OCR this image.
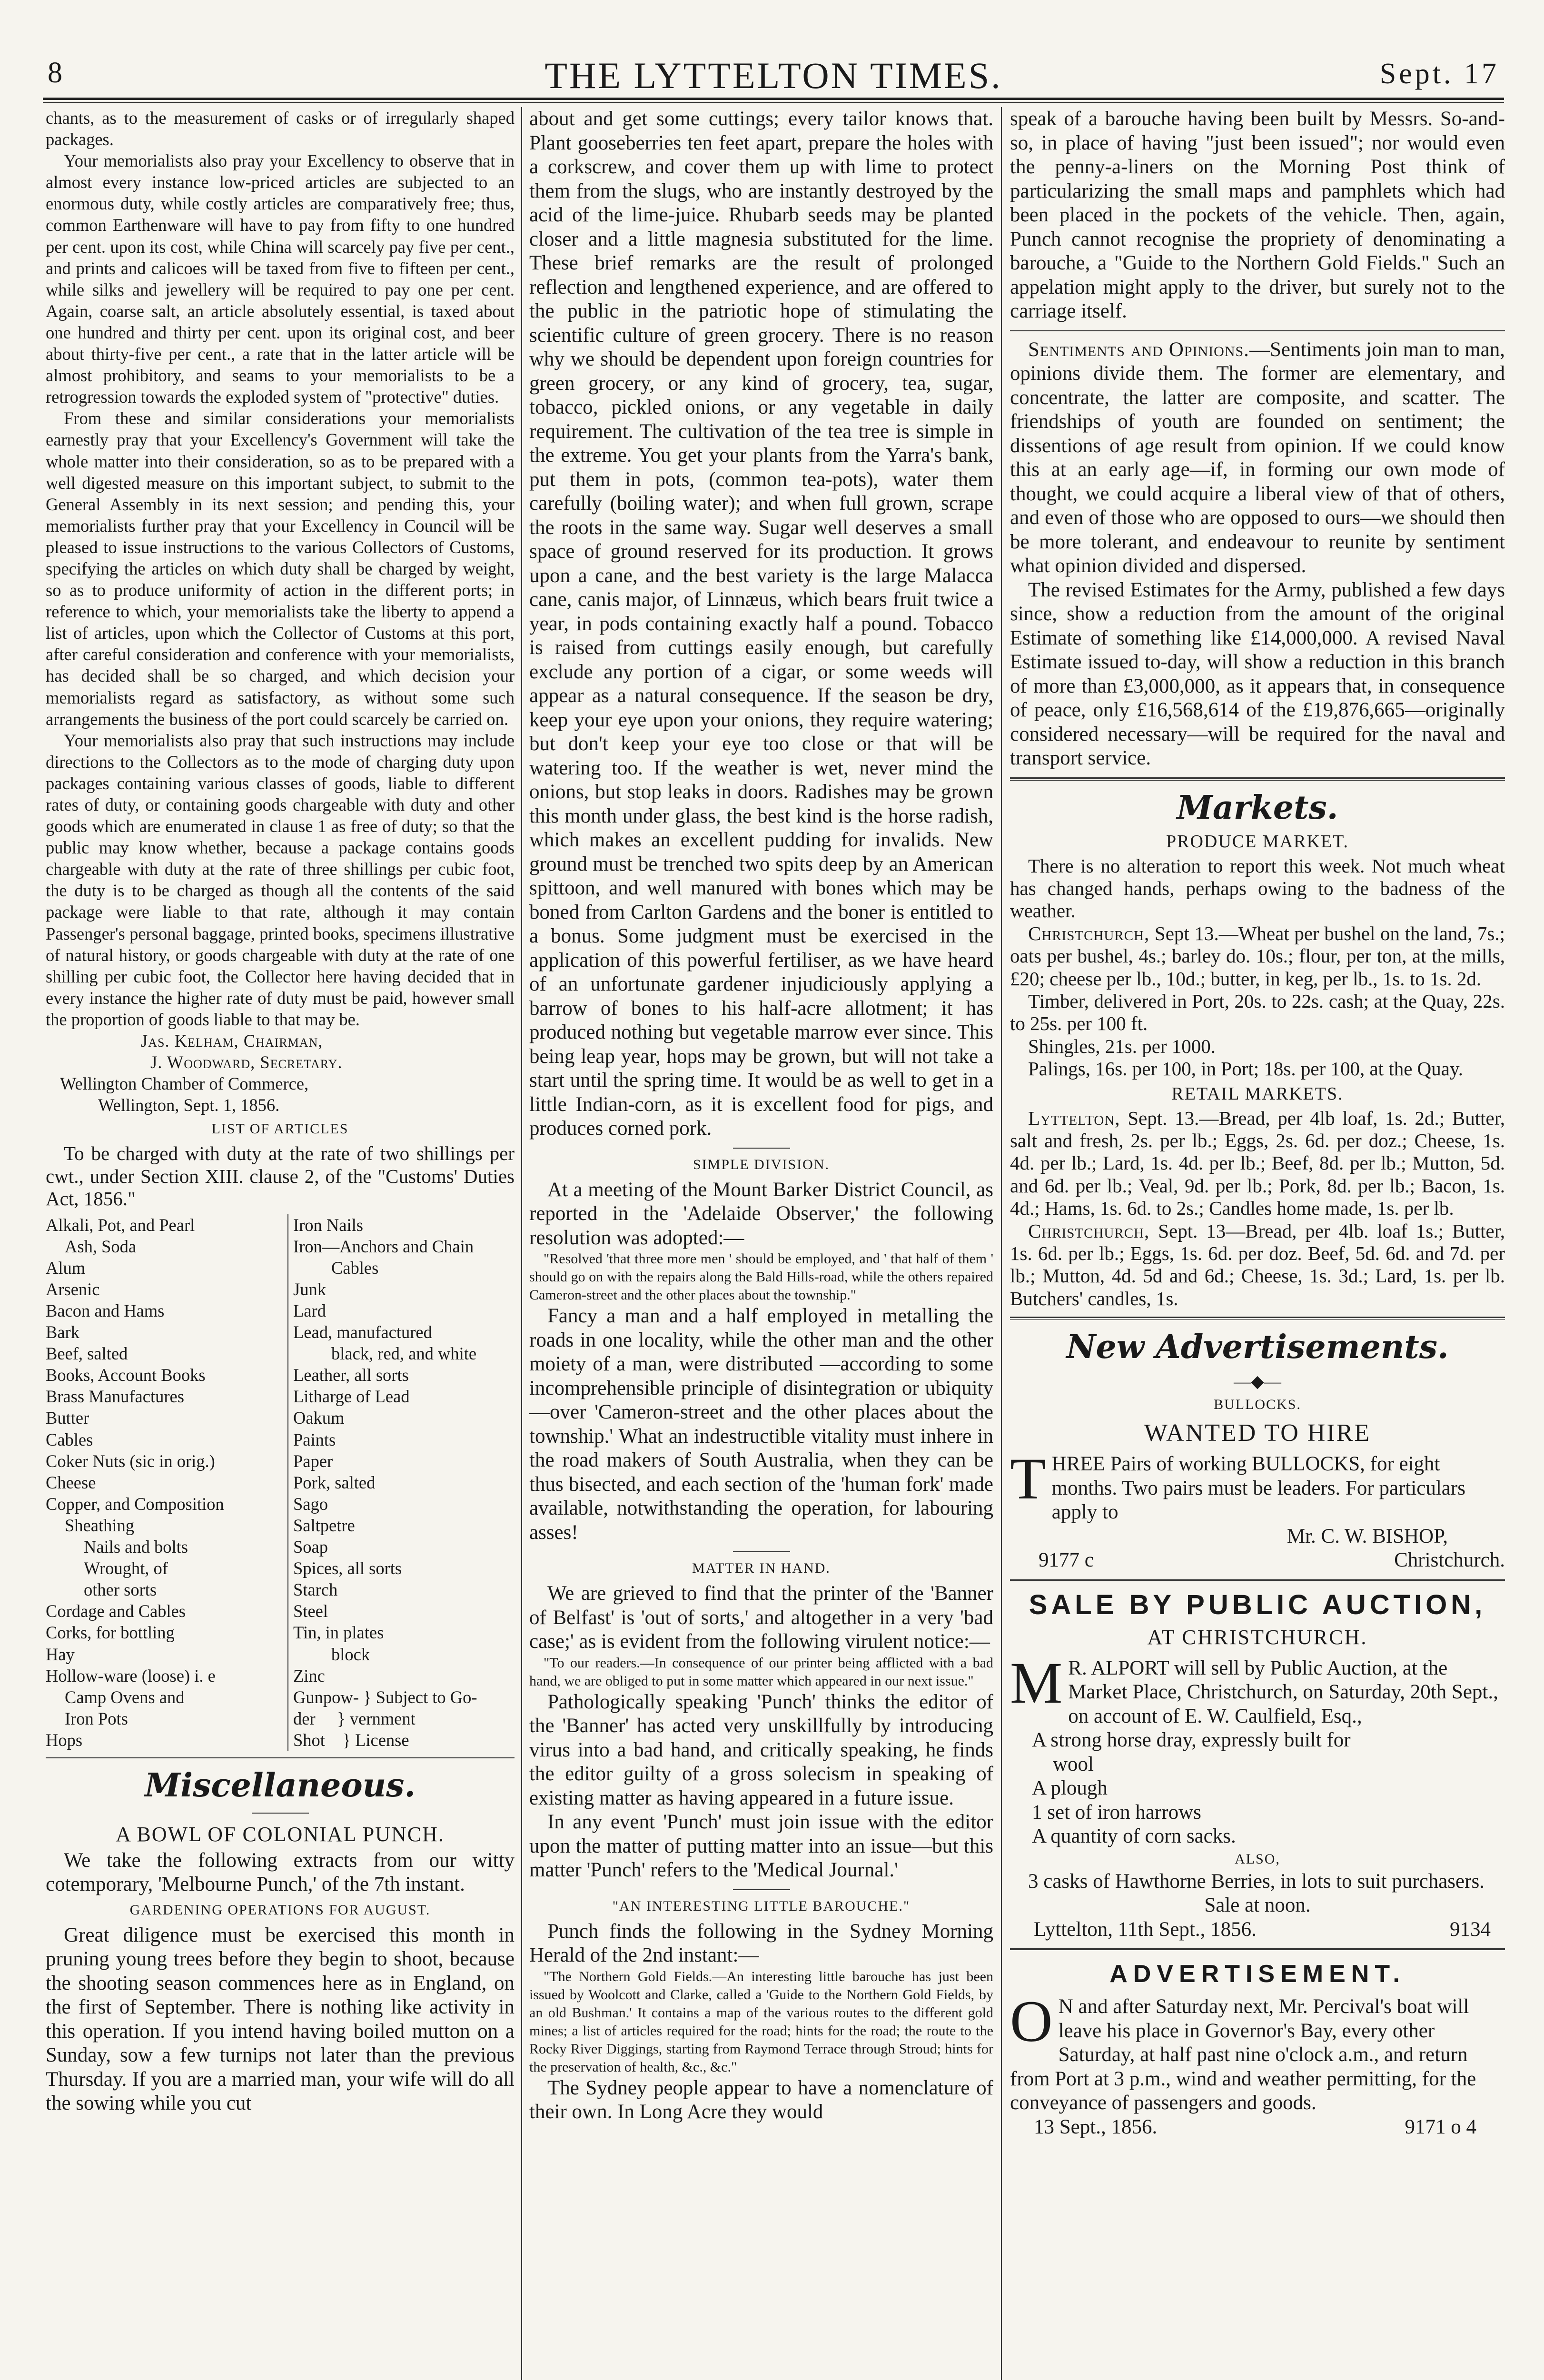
8	THE LYTTELTON TIMES.	Sept. 17

chants, as to the measurement of casks or of irregularly shaped packages.

Your memorialists also pray your Excellency to observe that in almost every instance low-priced articles are subjected to an enormous duty, while costly articles are comparatively free; thus, common Earthenware will have to pay from fifty to one hundred per cent. upon its cost, while China will scarcely pay five per cent., and prints and calicoes will be taxed from five to fifteen per cent., while silks and jewellery will be required to pay one per cent. Again, coarse salt, an article absolutely essential, is taxed about one hundred and thirty per cent. upon its original cost, and beer about thirty-five per cent., a rate that in the latter article will be almost prohibitory, and seams to your memorialists to be a retrogression towards the exploded system of "protective" duties.

From these and similar considerations your memorialists earnestly pray that your Excellency's Government will take the whole matter into their consideration, so as to be prepared with a well digested measure on this important subject, to submit to the General Assembly in its next session; and pending this, your memorialists further pray that your Excellency in Council will be pleased to issue instructions to the various Collectors of Customs, specifying the articles on which duty shall be charged by weight, so as to produce uniformity of action in the different ports; in reference to which, your memorialists take the liberty to append a list of articles, upon which the Collector of Customs at this port, after careful consideration and conference with your memorialists, has decided shall be so charged, and which decision your memorialists regard as satisfactory, as without some such arrangements the business of the port could scarcely be carried on.

Your memorialists also pray that such instructions may include directions to the Collectors as to the mode of charging duty upon packages containing various classes of goods, liable to different rates of duty, or containing goods chargeable with duty and other goods which are enumerated in clause 1 as free of duty; so that the public may know whether, because a package contains goods chargeable with duty at the rate of three shillings per cubic foot, the duty is to be charged as though all the contents of the said package were liable to that rate, although it may contain Passenger's personal baggage, printed books, specimens illustrative of natural history, or goods chargeable with duty at the rate of one shilling per cubic foot, the Collector here having decided that in every instance the higher rate of duty must be paid, however small the proportion of goods liable to that may be.

Jas. Kelham, Chairman,
J. Woodward, Secretary.
Wellington Chamber of Commerce,
Wellington, Sept. 1, 1856.
LIST OF ARTICLES

To be charged with duty at the rate of two shillings per cwt., under Section XIII. clause 2, of the "Customs' Duties Act, 1856."

Alkali, Pot, and Pearl
Ash, Soda
Alum
Arsenic
Bacon and Hams
Bark
Beef, salted
Books, Account Books
Brass Manufactures
Butter
Cables
Coker Nuts (sic in orig.)
Cheese
Copper, and Composition
Sheathing
Nails and bolts
Wrought, of
other sorts
Cordage and Cables
Corks, for bottling
Hay
Hollow-ware (loose) i. e
Camp Ovens and
Iron Pots
Hops
Iron Nails
Iron—Anchors and Chain
Cables
Junk
Lard
Lead, manufactured
black, red, and white
Leather, all sorts
Litharge of Lead
Oakum
Paints
Paper
Pork, salted
Sago
Saltpetre
Soap
Spices, all sorts
Starch
Steel
Tin, in plates
block
Zinc
Gunpow- } Subject to Go-
der     } vernment
Shot    } License
Miscellaneous.
A BOWL OF COLONIAL PUNCH.

We take the following extracts from our witty cotemporary, 'Melbourne Punch,' of the 7th instant.

GARDENING OPERATIONS FOR AUGUST.

Great diligence must be exercised this month in pruning young trees before they begin to shoot, because the shooting season commences here as in England, on the first of September. There is nothing like activity in this operation. If you intend having boiled mutton on a Sunday, sow a few turnips not later than the previous Thursday. If you are a married man, your wife will do all the sowing while you cut

about and get some cuttings; every tailor knows that. Plant gooseberries ten feet apart, prepare the holes with a corkscrew, and cover them up with lime to protect them from the slugs, who are instantly destroyed by the acid of the lime-juice. Rhubarb seeds may be planted closer and a little magnesia substituted for the lime. These brief remarks are the result of prolonged reflection and lengthened experience, and are offered to the public in the patriotic hope of stimulating the scientific culture of green grocery. There is no reason why we should be dependent upon foreign countries for green grocery, or any kind of grocery, tea, sugar, tobacco, pickled onions, or any vegetable in daily requirement. The cultivation of the tea tree is simple in the extreme. You get your plants from the Yarra's bank, put them in pots, (common tea-pots), water them carefully (boiling water); and when full grown, scrape the roots in the same way. Sugar well deserves a small space of ground reserved for its production. It grows upon a cane, and the best variety is the large Malacca cane, canis major, of Linnæus, which bears fruit twice a year, in pods containing exactly half a pound. Tobacco is raised from cuttings easily enough, but carefully exclude any portion of a cigar, or some weeds will appear as a natural consequence. If the season be dry, keep your eye upon your onions, they require watering; but don't keep your eye too close or that will be watering too. If the weather is wet, never mind the onions, but stop leaks in doors. Radishes may be grown this month under glass, the best kind is the horse radish, which makes an excellent pudding for invalids. New ground must be trenched two spits deep by an American spittoon, and well manured with bones which may be boned from Carlton Gardens and the boner is entitled to a bonus. Some judgment must be exercised in the application of this powerful fertiliser, as we have heard of an unfortunate gardener injudiciously applying a barrow of bones to his half-acre allotment; it has produced nothing but vegetable marrow ever since. This being leap year, hops may be grown, but will not take a start until the spring time. It would be as well to get in a little Indian-corn, as it is excellent food for pigs, and produces corned pork.

SIMPLE DIVISION.

At a meeting of the Mount Barker District Council, as reported in the 'Adelaide Observer,' the following resolution was adopted:—

"Resolved 'that three more men ' should be employed, and ' that half of them ' should go on with the repairs along the Bald Hills-road, while the others repaired Cameron-street and the other places about the township."

Fancy a man and a half employed in metalling the roads in one locality, while the other man and the other moiety of a man, were distributed —according to some incomprehensible principle of disintegration or ubiquity—over 'Cameron-street and the other places about the township.' What an indestructible vitality must inhere in the road makers of South Australia, when they can be thus bisected, and each section of the 'human fork' made available, notwithstanding the operation, for labouring asses!

MATTER IN HAND.

We are grieved to find that the printer of the 'Banner of Belfast' is 'out of sorts,' and altogether in a very 'bad case;' as is evident from the following virulent notice:—

"To our readers.—In consequence of our printer being afflicted with a bad hand, we are obliged to put in some matter which appeared in our next issue."

Pathologically speaking 'Punch' thinks the editor of the 'Banner' has acted very unskillfully by introducing virus into a bad hand, and critically speaking, he finds the editor guilty of a gross solecism in speaking of existing matter as having appeared in a future issue.

In any event 'Punch' must join issue with the editor upon the matter of putting matter into an issue—but this matter 'Punch' refers to the 'Medical Journal.'

"AN INTERESTING LITTLE BAROUCHE."

Punch finds the following in the Sydney Morning Herald of the 2nd instant:—

"The Northern Gold Fields.—An interesting little barouche has just been issued by Woolcott and Clarke, called a 'Guide to the Northern Gold Fields, by an old Bushman.' It contains a map of the various routes to the different gold mines; a list of articles required for the road; hints for the road; the route to the Rocky River Diggings, starting from Raymond Terrace through Stroud; hints for the preservation of health, &c., &c."

The Sydney people appear to have a nomenclature of their own. In Long Acre they would

speak of a barouche having been built by Messrs. So-and-so, in place of having "just been issued"; nor would even the penny-a-liners on the Morning Post think of particularizing the small maps and pamphlets which had been placed in the pockets of the vehicle. Then, again, Punch cannot recognise the propriety of denominating a barouche, a "Guide to the Northern Gold Fields." Such an appelation might apply to the driver, but surely not to the carriage itself.

Sentiments and Opinions.—Sentiments join man to man, opinions divide them. The former are elementary, and concentrate, the latter are composite, and scatter. The friendships of youth are founded on sentiment; the dissentions of age result from opinion. If we could know this at an early age—if, in forming our own mode of thought, we could acquire a liberal view of that of others, and even of those who are opposed to ours—we should then be more tolerant, and endeavour to reunite by sentiment what opinion divided and dispersed.

The revised Estimates for the Army, published a few days since, show a reduction from the amount of the original Estimate of something like £14,000,000. A revised Naval Estimate issued to-day, will show a reduction in this branch of more than £3,000,000, as it appears that, in consequence of peace, only £16,568,614 of the £19,876,665—originally considered necessary—will be required for the naval and transport service.

Markets.
PRODUCE MARKET.

There is no alteration to report this week. Not much wheat has changed hands, perhaps owing to the badness of the weather.

Christchurch, Sept 13.—Wheat per bushel on the land, 7s.; oats per bushel, 4s.; barley do. 10s.; flour, per ton, at the mills, £20; cheese per lb., 10d.; butter, in keg, per lb., 1s. to 1s. 2d.

Timber, delivered in Port, 20s. to 22s. cash; at the Quay, 22s. to 25s. per 100 ft.

Shingles, 21s. per 1000.

Palings, 16s. per 100, in Port; 18s. per 100, at the Quay.

RETAIL MARKETS.

Lyttelton, Sept. 13.—Bread, per 4lb loaf, 1s. 2d.; Butter, salt and fresh, 2s. per lb.; Eggs, 2s. 6d. per doz.; Cheese, 1s. 4d. per lb.; Lard, 1s. 4d. per lb.; Beef, 8d. per lb.; Mutton, 5d. and 6d. per lb.; Veal, 9d. per lb.; Pork, 8d. per lb.; Bacon, 1s. 4d.; Hams, 1s. 6d. to 2s.; Candles home made, 1s. per lb.

Christchurch, Sept. 13—Bread, per 4lb. loaf 1s.; Butter, 1s. 6d. per lb.; Eggs, 1s. 6d. per doz. Beef, 5d. 6d. and 7d. per lb.; Mutton, 4d. 5d and 6d.; Cheese, 1s. 3d.; Lard, 1s. per lb. Butchers' candles, 1s.

New Advertisements.
—◆—
BULLOCKS.
WANTED TO HIRE
THREE Pairs of working BULLOCKS, for eight months. Two pairs must be leaders. For particulars apply to
Mr. C. W. BISHOP,
9177 c	Christchurch.
SALE BY PUBLIC AUCTION,
AT CHRISTCHURCH.
M R. ALPORT will sell by Public Auction, at the Market Place, Christchurch, on Saturday, 20th Sept., on account of E. W. Caulfield, Esq.,
A strong horse dray, expressly built for
wool
A plough
1 set of iron harrows
A quantity of corn sacks.
ALSO,

3 casks of Hawthorne Berries, in lots to suit purchasers.

Sale at noon.
Lyttelton, 11th Sept., 1856.	9134
ADVERTISEMENT.
O N and after Saturday next, Mr. Percival's boat will leave his place in Governor's Bay, every other Saturday, at half past nine o'clock a.m., and return from Port at 3 p.m., wind and weather permitting, for the conveyance of passengers and goods.
13 Sept., 1856.	9171 o 4
